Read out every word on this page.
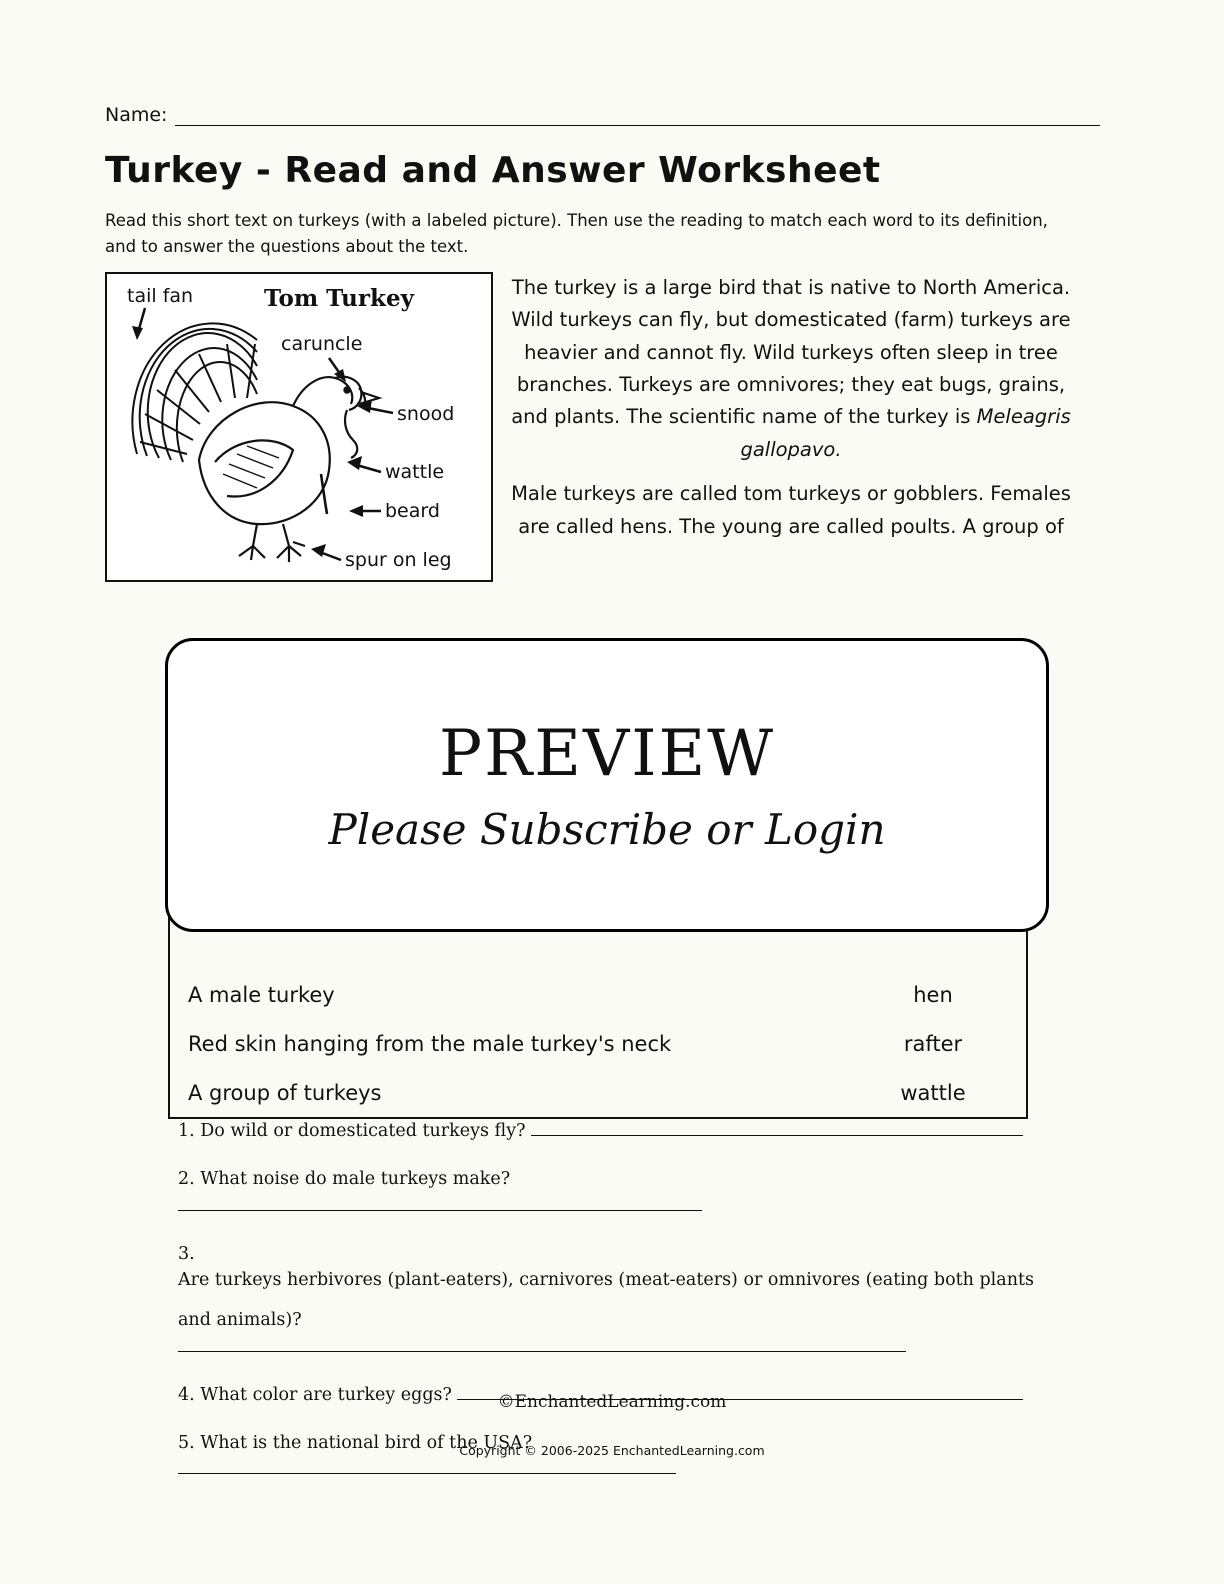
Name:
Turkey - Read and Answer Worksheet
Read this short text on turkeys (with a labeled picture). Then use the reading to match each word to its definition, and to answer the questions about the text.
Tom Turkey
tail fan
caruncle
snood
wattle
beard
spur on leg

The turkey is a large bird that is native to North America. Wild turkeys can fly, but domesticated (farm) turkeys are heavier and cannot fly. Wild turkeys often sleep in tree branches. Turkeys are omnivores; they eat bugs, grains, and plants. The scientific name of the turkey is Meleagris gallopavo.

Male turkeys are called tom turkeys or gobblers. Females are called hens. The young are called poults. A group of

A male turkey	hen
Red skin hanging from the male turkey's neck	rafter
A group of turkeys	wattle
PREVIEW
Please Subscribe or Login
1. Do wild or domesticated turkeys fly?
2. What noise do male turkeys make?
3. Are turkeys herbivores (plant-eaters), carnivores (meat-eaters) or omnivores (eating both plants
and animals)?
4. What color are turkey eggs?
5. What is the national bird of the USA?
©EnchantedLearning.com
Copyright © 2006-2025 EnchantedLearning.com
